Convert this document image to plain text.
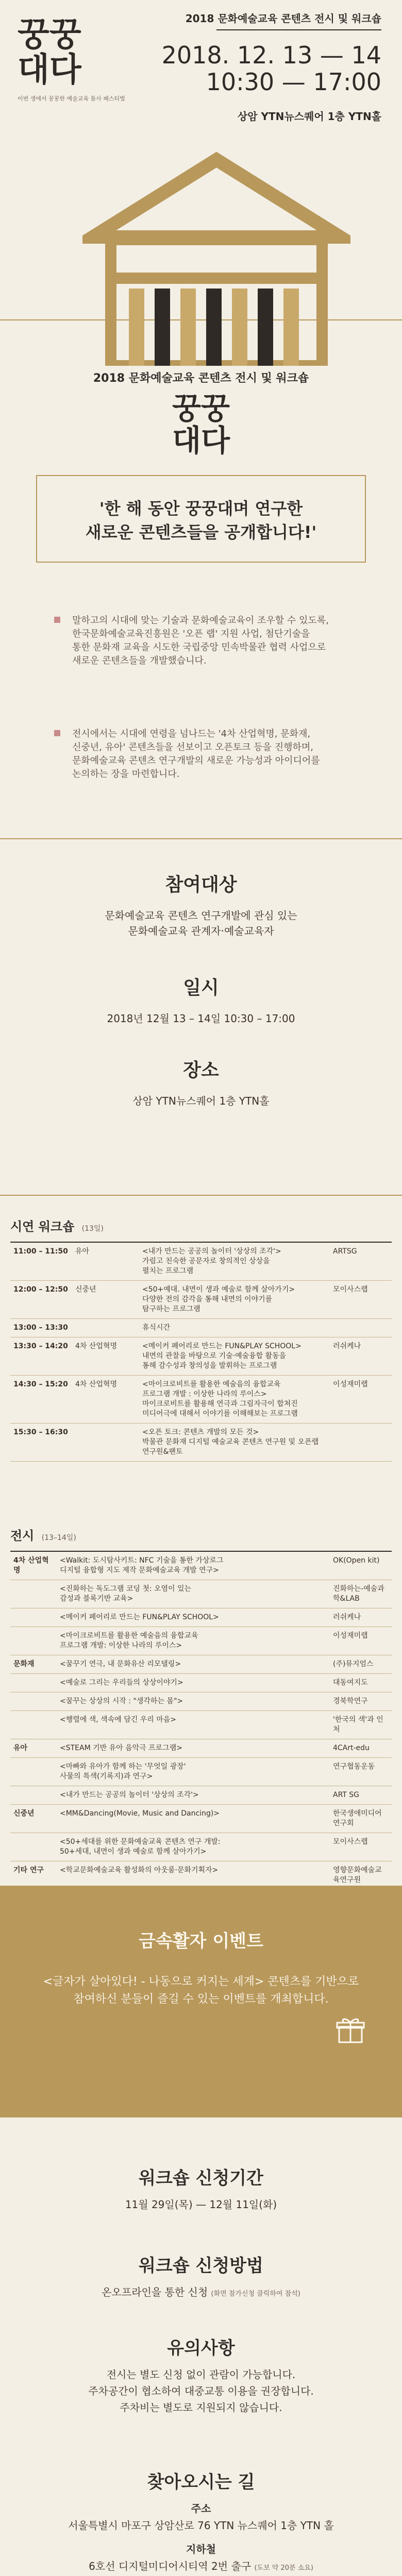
꿍꿍
대다
이번 생에서 꿍꿍한 예술교육 틈사 페스티벌
2018 문화예술교육 콘텐츠 전시 및 워크숍
2018. 12. 13 — 14
10:30 — 17:00
상암 YTN뉴스퀘어 1층 YTN홀
2018 문화예술교육 콘텐츠 전시 및 워크숍
꿍꿍
대다
'한 해 동안 꿍꿍대며 연구한
새로운 콘텐츠들을 공개합니다!'
말하고의 시대에 맞는 기술과 문화예술교육이 조우할 수 있도록,
한국문화예술교육진흥원은 '오픈 랩' 지원 사업, 첨단기술을
통한 문화재 교육을 시도한 국립중앙 민속박물관 협력 사업으로
새로운 콘텐츠들을 개발했습니다.
전시에서는 시대에 연령을 넘나드는 '4차 산업혁명, 문화재,
신중년, 유아' 콘텐츠들을 선보이고 오픈토크 등을 진행하며,
문화예술교육 콘텐츠 연구개발의 새로운 가능성과 아이디어를
논의하는 장을 마련합니다.
참여대상
문화예술교육 콘텐츠 연구개발에 관심 있는
문화예술교육 관계자·예술교육자
일시
2018년 12월 13 – 14일 10:30 – 17:00
장소
상암 YTN뉴스퀘어 1층 YTN홀
시연 워크숍 (13일)
11:00 – 11:50	유아	<내가 만드는 공공의 놀이터 '상상의 조각'>
가림고 친숙한 공문자로 창의적인 상상을
펼치는 프로그램	ARTSG
12:00 – 12:50	신중년	<50+예대. 내면이 생과 예술로 함께 살아가기>
다양한 전의 감각을 통해 내면의 이야기를
탐구하는 프로그램	모이사스랩
13:00 – 13:30		휴식시간	
13:30 – 14:20	4차 산업혁명	<메이커 페어리로 만드는 FUN&PLAY SCHOOL>
내면의 관찰을 바탕으로 기술·예술융합 활동을
통해 감수성과 창의성을 발휘하는 프로그램	러쉬케나
14:30 – 15:20	4차 산업혁명	<마이크로비트를 활용한 예술음의 융합교육
프로그램 개발 : 이상한 나라의 루이스>
마이크로비트를 활용해 연극과 그림자극이 합쳐진
미디어극에 대해서 이야기를 이해해보는 프로그램	이성재미랩
15:30 – 16:30		<오픈 토크: 콘텐츠 개발의 모든 것>
박물관 문화재 디지털 예술교육 콘텐츠 연구원 및 오픈랩 연구원&팬토	
전시 (13–14일)
4차 산업혁명	<Walkit: 도시탐사키트: NFC 기술을 통한 가상로그
디지털 융합형 지도 제작 문화예술교육 개발 연구>	OK(Open kit)
	<진화하는 독도그램 코딩 첫: 오염이 있는
감성과 블록기반 교육>	진화하는-예술과학&LAB
	<메이커 페어리로 만드는 FUN&PLAY SCHOOL>	러쉬케나
	<마이크로비트를 활용한 예술음의 융합교육
프로그램 개발: 이상한 나라의 루이스>	이성재미랩
문화재	<꿈꾸기 연극, 내 문화유산 리모델링>	(주)뮤지엄스
	<예술로 그리는 우리들의 상상이야기>	대동여지도
	<꿈꾸는 상상의 시작 : "생각하는 몸">	경북학연구
	<행렬에 색, 색속에 담긴 우리 마음>	'한국의 색'과 인처
유아	<STEAM 기반 유아 음악극 프로그램>	4CArt-edu
	<마빠와 유아가 함께 하는 '무엇일 광장'
사물의 특색(기록지)과 연구>	연구협동운동
	<내가 만드는 공공의 놀이터 '상상의 조각'>	ART SG
신중년	<MM&Dancing(Movie, Music and Dancing)>	한국생애미디어연구회
	<50+세대를 위한 문화예술교육 콘텐츠 연구 개발:
50+세대, 내면이 생과 예술로 함께 살아가기>	모이사스랩
기타 연구	<학교문화예술교육 활성화의 아웃룸·문화기획자>	영향문화예술교육연구원
금속활자 이벤트
<글자가 살아있다! - 나동으로 커지는 세계> 콘텐츠를 기반으로
참여하신 분들이 즐길 수 있는 이벤트를 개최합니다.
워크숍 신청기간
11월 29일(목) — 12월 11일(화)
워크숍 신청방법
온오프라인을 통한 신청 (화면 참가신청 클릭하여 참석)
유의사항
전시는 별도 신청 없이 관람이 가능합니다.
주차공간이 협소하여 대중교통 이용을 권장합니다.
주차비는 별도로 지원되지 않습니다.
찾아오시는 길
주소
서울특별시 마포구 상암산로 76 YTN 뉴스퀘어 1층 YTN 홀
지하철
6호선 디지털미디어시티역 2번 출구 (도보 약 20분 소요)
